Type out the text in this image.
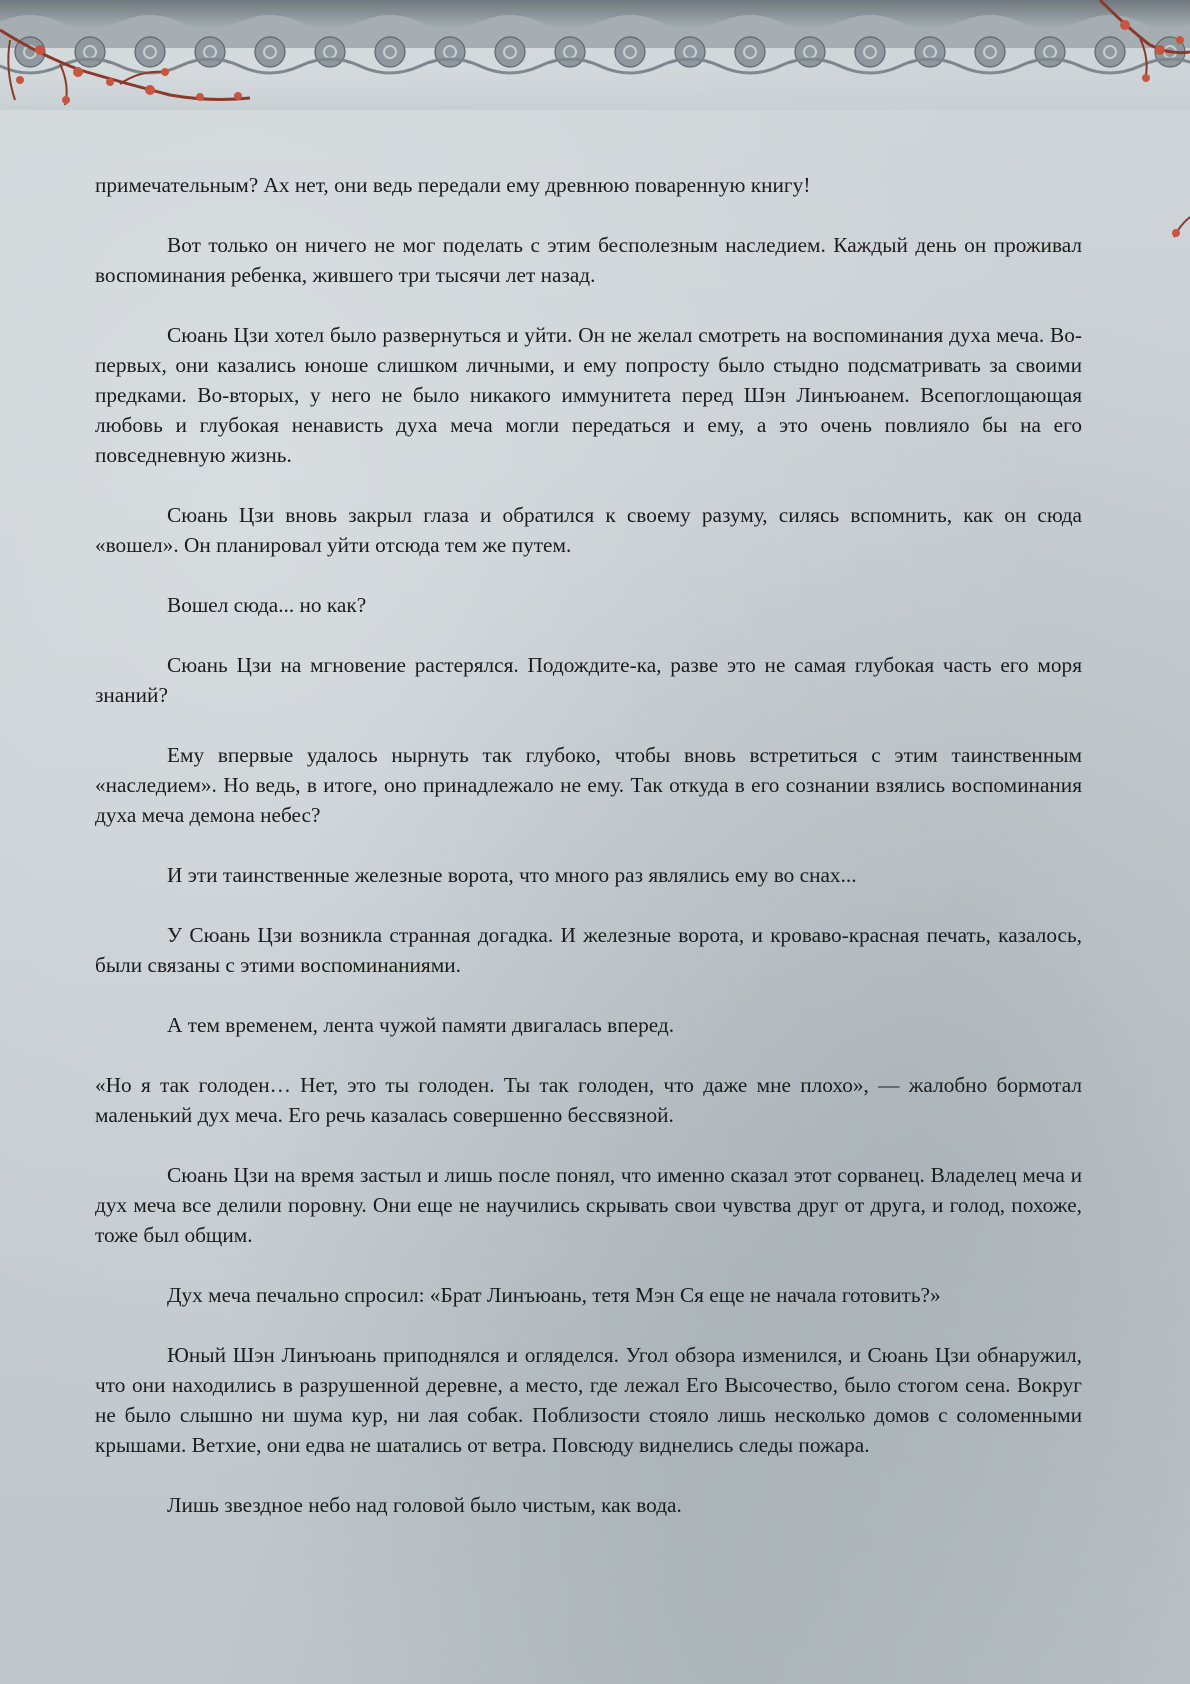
примечательным? Ах нет, они ведь передали ему древнюю поваренную книгу!

Вот только он ничего не мог поделать с этим бесполезным наследием. Каждый день он проживал воспоминания ребенка, жившего три тысячи лет назад.

Сюань Цзи хотел было развернуться и уйти. Он не желал смотреть на воспоминания духа меча. Во-первых, они казались юноше слишком личными, и ему попросту было стыдно подсматривать за своими предками. Во-вторых, у него не было никакого иммунитета перед Шэн Линъюанем. Всепоглощающая любовь и глубокая ненависть духа меча могли передаться и ему, а это очень повлияло бы на его повседневную жизнь.

Сюань Цзи вновь закрыл глаза и обратился к своему разуму, силясь вспомнить, как он сюда «вошел». Он планировал уйти отсюда тем же путем.

Вошел сюда... но как?

Сюань Цзи на мгновение растерялся. Подождите-ка, разве это не самая глубокая часть его моря знаний?

Ему впервые удалось нырнуть так глубоко, чтобы вновь встретиться с этим таинственным «наследием». Но ведь, в итоге, оно принадлежало не ему. Так откуда в его сознании взялись воспоминания духа меча демона небес?

И эти таинственные железные ворота, что много раз являлись ему во снах...

У Сюань Цзи возникла странная догадка. И железные ворота, и кроваво-красная печать, казалось, были связаны с этими воспоминаниями.

А тем временем, лента чужой памяти двигалась вперед.

«Но я так голоден… Нет, это ты голоден. Ты так голоден, что даже мне плохо», — жалобно бормотал маленький дух меча. Его речь казалась совершенно бессвязной.

Сюань Цзи на время застыл и лишь после понял, что именно сказал этот сорванец. Владелец меча и дух меча все делили поровну. Они еще не научились скрывать свои чувства друг от друга, и голод, похоже, тоже был общим.

Дух меча печально спросил: «Брат Линъюань, тетя Мэн Ся еще не начала готовить?»

Юный Шэн Линъюань приподнялся и огляделся. Угол обзора изменился, и Сюань Цзи обнаружил, что они находились в разрушенной деревне, а место, где лежал Его Высочество, было стогом сена. Вокруг не было слышно ни шума кур, ни лая собак. Поблизости стояло лишь несколько домов с соломенными крышами. Ветхие, они едва не шатались от ветра. Повсюду виднелись следы пожара.

Лишь звездное небо над головой было чистым, как вода.
